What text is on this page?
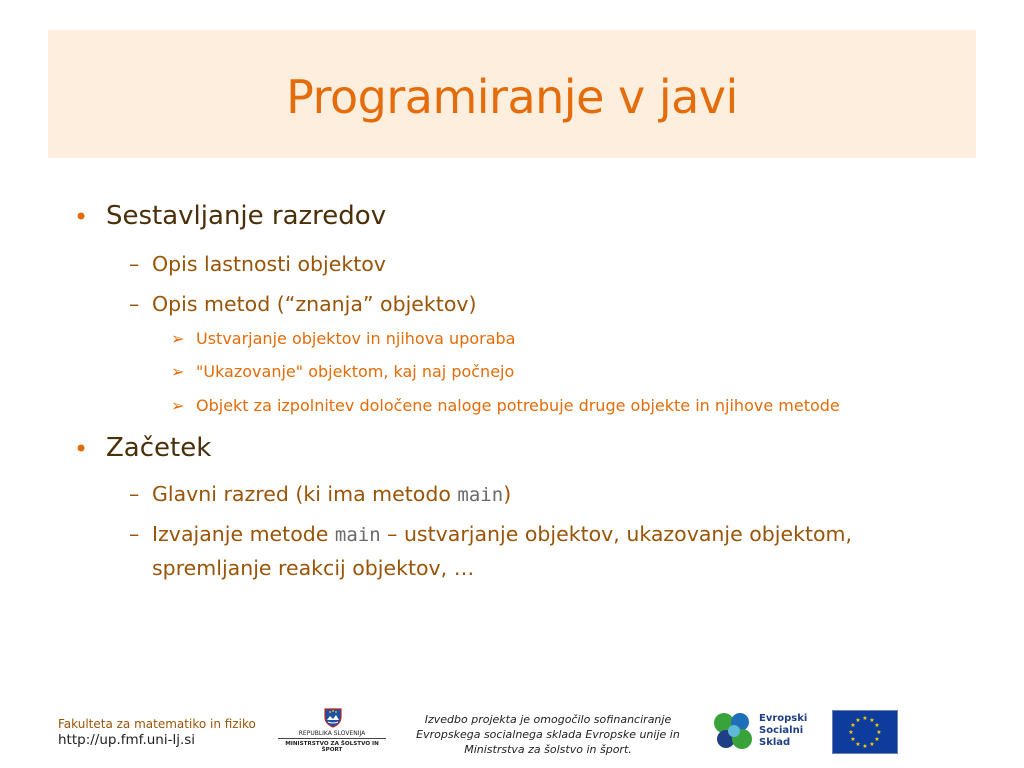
Programiranje v javi
• Sestavljanje razredov
– Opis lastnosti objektov
– Opis metod (“znanja” objektov)
➢ Ustvarjanje objektov in njihova uporaba
➢ "Ukazovanje" objektom, kaj naj počnejo
➢ Objekt za izpolnitev določene naloge potrebuje druge objekte in njihove metode
• Začetek
– Glavni razred (ki ima metodo main)
– Izvajanje metode main – ustvarjanje objektov, ukazovanje objektom, spremljanje reakcij objektov, …
Fakulteta za matematiko in fiziko
http://up.fmf.uni-lj.si	REPUBLIKA SLOVENIJA
MINISTRSTVO ZA ŠOLSTVO IN ŠPORT
Izvedbo projekta je omogočilo sofinanciranje Evropskega socialnega sklada Evropske unije in Ministrstva za šolstvo in šport.
Evropski
Socialni
Sklad
★ ★
★
★
★
★
★
★
★
★
★
★
